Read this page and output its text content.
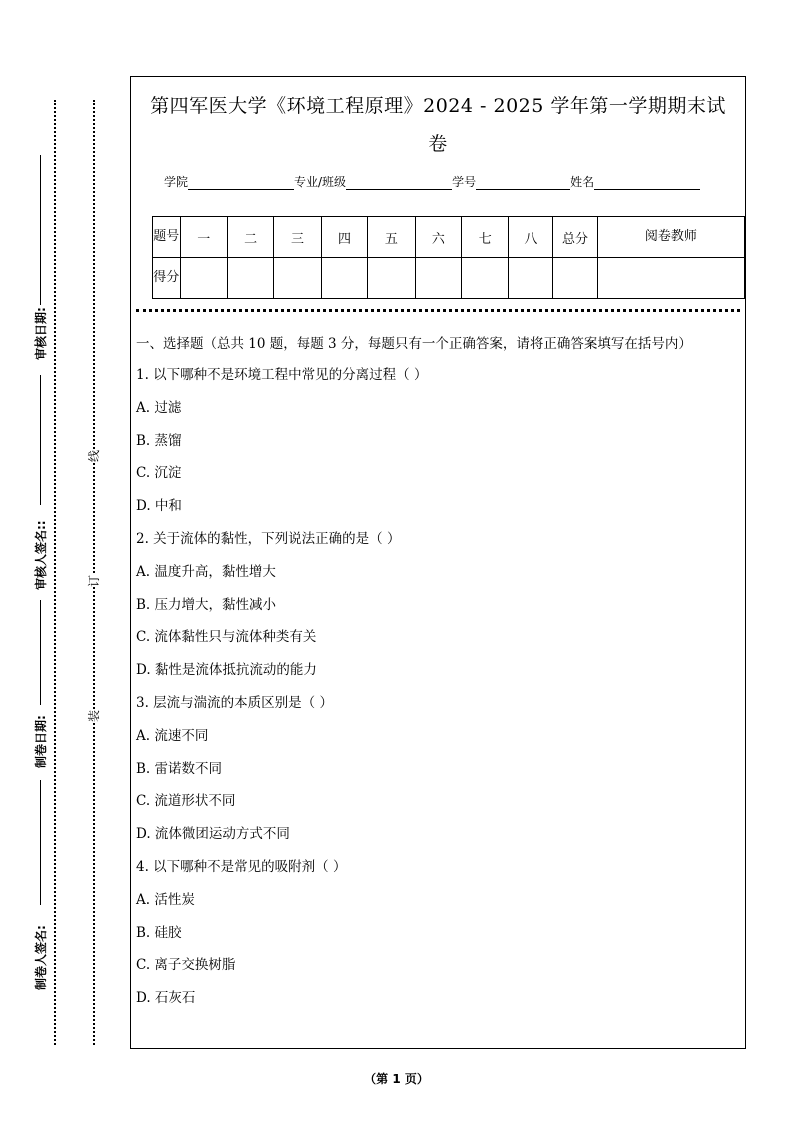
审核日期:
审核人签名::
制卷日期:
制卷人签名:
线
订
装
第四军医大学《环境工程原理》2024 - 2025 学年第一学期期末试
卷
学院	专业/班级	学号	姓名
题号	一	二	三	四	五	六	七	八	总分	阅卷教师
得分										
一、选择题（总共 10 题，每题 3 分，每题只有一个正确答案，请将正确答案填写在括号内）
1. 以下哪种不是环境工程中常见的分离过程（ ）
A. 过滤
B. 蒸馏
C. 沉淀
D. 中和
2. 关于流体的黏性，下列说法正确的是（ ）
A. 温度升高，黏性增大
B. 压力增大，黏性减小
C. 流体黏性只与流体种类有关
D. 黏性是流体抵抗流动的能力
3. 层流与湍流的本质区别是（ ）
A. 流速不同
B. 雷诺数不同
C. 流道形状不同
D. 流体微团运动方式不同
4. 以下哪种不是常见的吸附剂（ ）
A. 活性炭
B. 硅胶
C. 离子交换树脂
D. 石灰石
（第 1 页）
